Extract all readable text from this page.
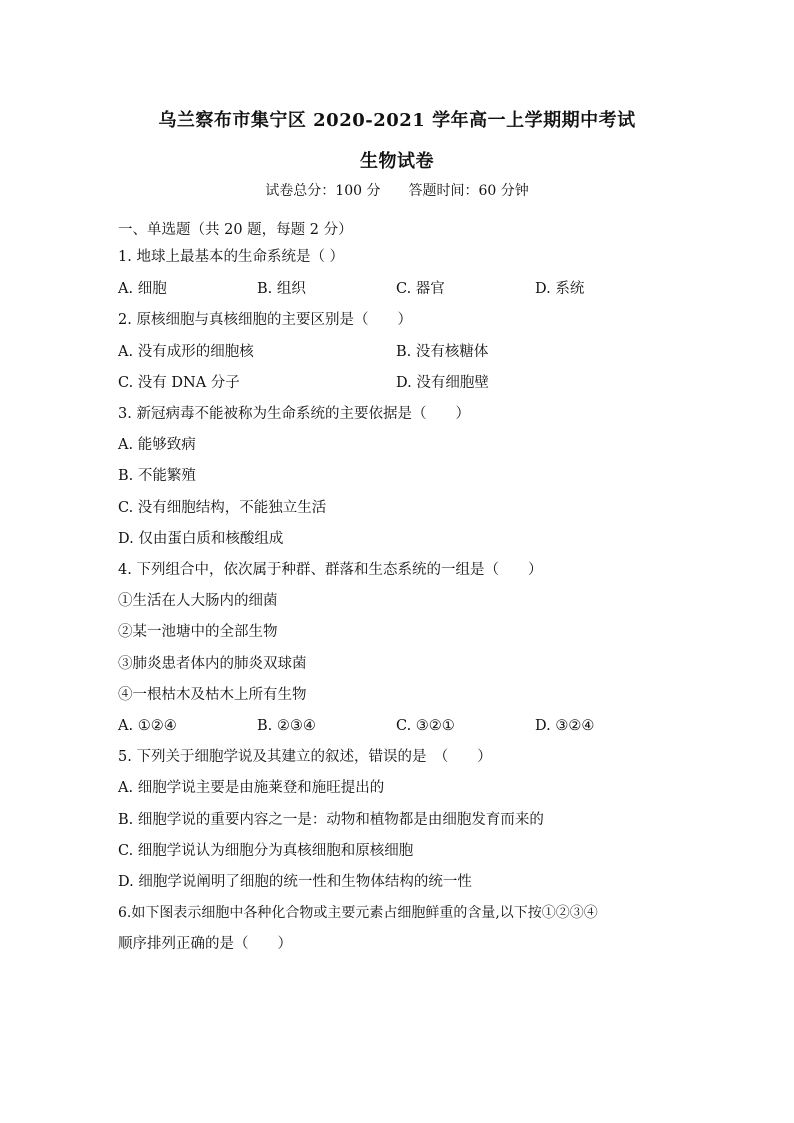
乌兰察布市集宁区 2020-2021 学年高一上学期期中考试
生物试卷
试卷总分：100 分 答题时间：60 分钟
一、单选题（共 20 题，每题 2 分）
1. 地球上最基本的生命系统是（ ）
A. 细胞	B. 组织	C. 器官	D. 系统
2. 原核细胞与真核细胞的主要区别是（　　）
A. 没有成形的细胞核	B. 没有核糖体
C. 没有 DNA 分子	D. 没有细胞壁
3. 新冠病毒不能被称为生命系统的主要依据是（　　）
A. 能够致病
B. 不能繁殖
C. 没有细胞结构，不能独立生活
D. 仅由蛋白质和核酸组成
4. 下列组合中，依次属于种群、群落和生态系统的一组是（　　）
①生活在人大肠内的细菌
②某一池塘中的全部生物
③肺炎患者体内的肺炎双球菌
④一根枯木及枯木上所有生物
A. ①②④	B. ②③④	C. ③②①	D. ③②④
5. 下列关于细胞学说及其建立的叙述，错误的是　（　　）
A. 细胞学说主要是由施莱登和施旺提出的
B. 细胞学说的重要内容之一是：动物和植物都是由细胞发育而来的
C. 细胞学说认为细胞分为真核细胞和原核细胞
D. 细胞学说阐明了细胞的统一性和生物体结构的统一性
6.如下图表示细胞中各种化合物或主要元素占细胞鲜重的含量,以下按①②③④
顺序排列正确的是（　　）
